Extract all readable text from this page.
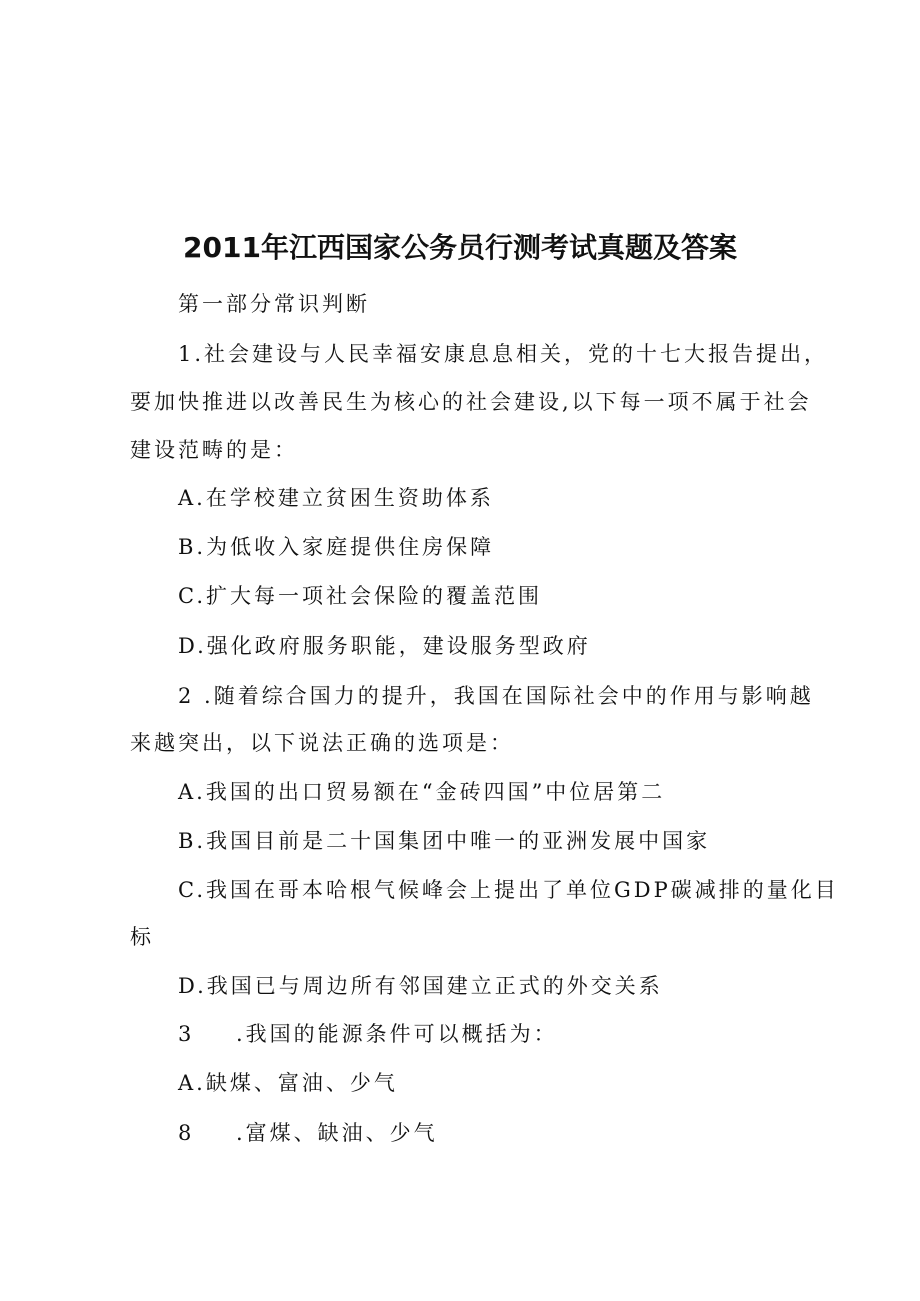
2011年江西国家公务员行测考试真题及答案
第一部分常识判断
1.社会建设与人民幸福安康息息相关，党的十七大报告提出，
要加快推进以改善民生为核心的社会建设,以下每一项不属于社会
建设范畴的是：
A.在学校建立贫困生资助体系
B.为低收入家庭提供住房保障
C.扩大每一项社会保险的覆盖范围
D.强化政府服务职能，建设服务型政府
2 .随着综合国力的提升，我国在国际社会中的作用与影响越
来越突出，以下说法正确的选项是：
A.我国的出口贸易额在“金砖四国”中位居第二
B.我国目前是二十国集团中唯一的亚洲发展中国家
C.我国在哥本哈根气候峰会上提出了单位GDP碳减排的量化目
标
D.我国已与周边所有邻国建立正式的外交关系
3 .我国的能源条件可以概括为：
A.缺煤、富油、少气
8 .富煤、缺油、少气
